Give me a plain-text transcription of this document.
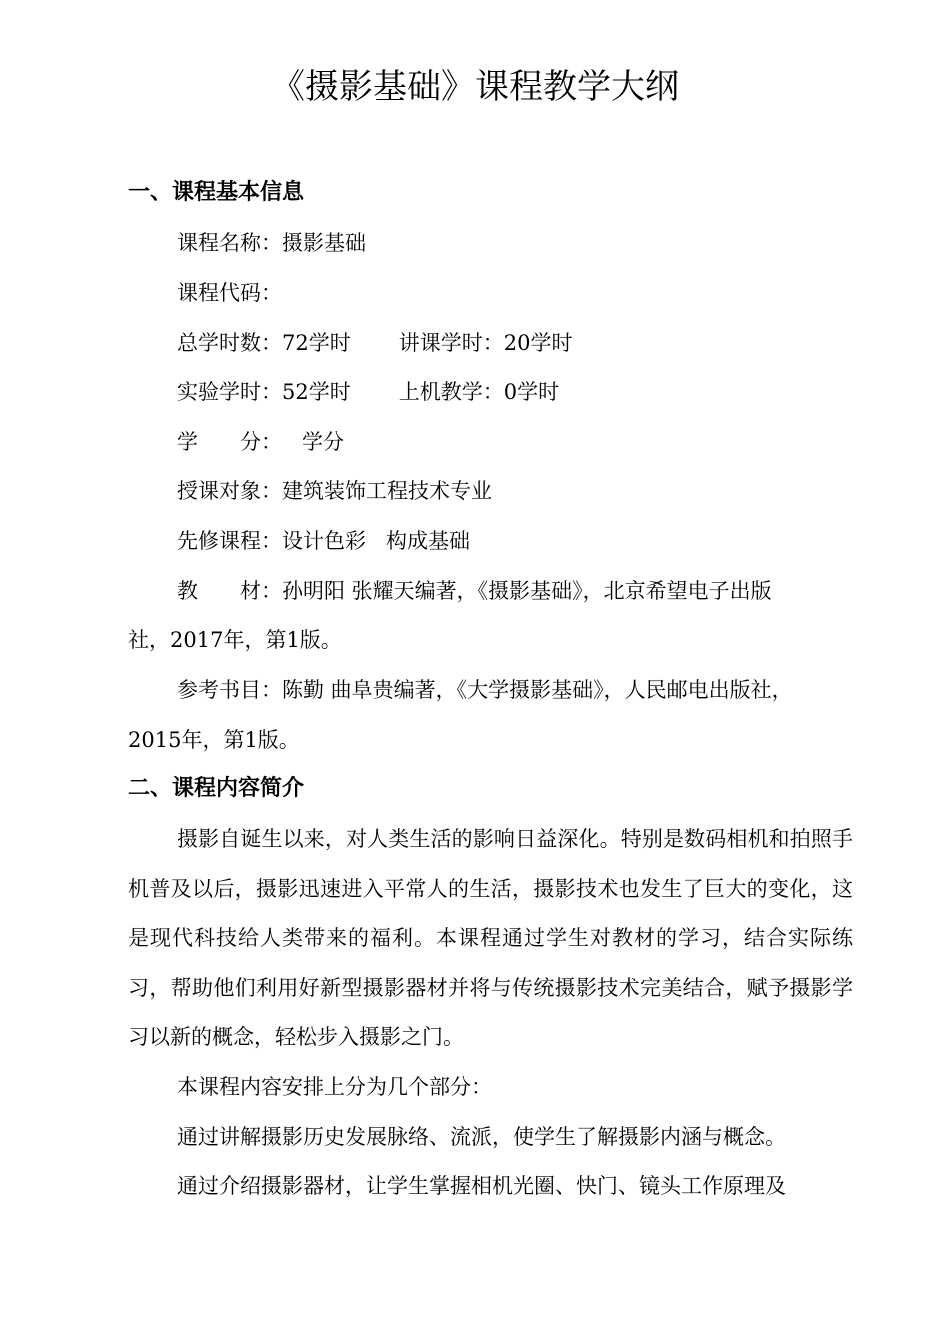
《摄影基础》课程教学大纲
一、课程基本信息

课程名称：摄影基础

课程代码：

总学时数：72学时 讲课学时：20学时

实验学时：52学时 上机教学：0学时

学 分： 学分

授课对象：建筑装饰工程技术专业

先修课程：设计色彩 构成基础

教 材：孙明阳 张耀天编著，《摄影基础》，北京希望电子出版

社，2017年，第1版。

参考书目：陈勤 曲阜贵编著，《大学摄影基础》，人民邮电出版社，

2015年，第1版。

二、课程内容简介

摄影自诞生以来，对人类生活的影响日益深化。特别是数码相机和拍照手机普及以后，摄影迅速进入平常人的生活，摄影技术也发生了巨大的变化，这是现代科技给人类带来的福利。本课程通过学生对教材的学习，结合实际练习，帮助他们利用好新型摄影器材并将与传统摄影技术完美结合，赋予摄影学习以新的概念，轻松步入摄影之门。

本课程内容安排上分为几个部分：

通过讲解摄影历史发展脉络、流派，使学生了解摄影内涵与概念。

通过介绍摄影器材，让学生掌握相机光圈、快门、镜头工作原理及
